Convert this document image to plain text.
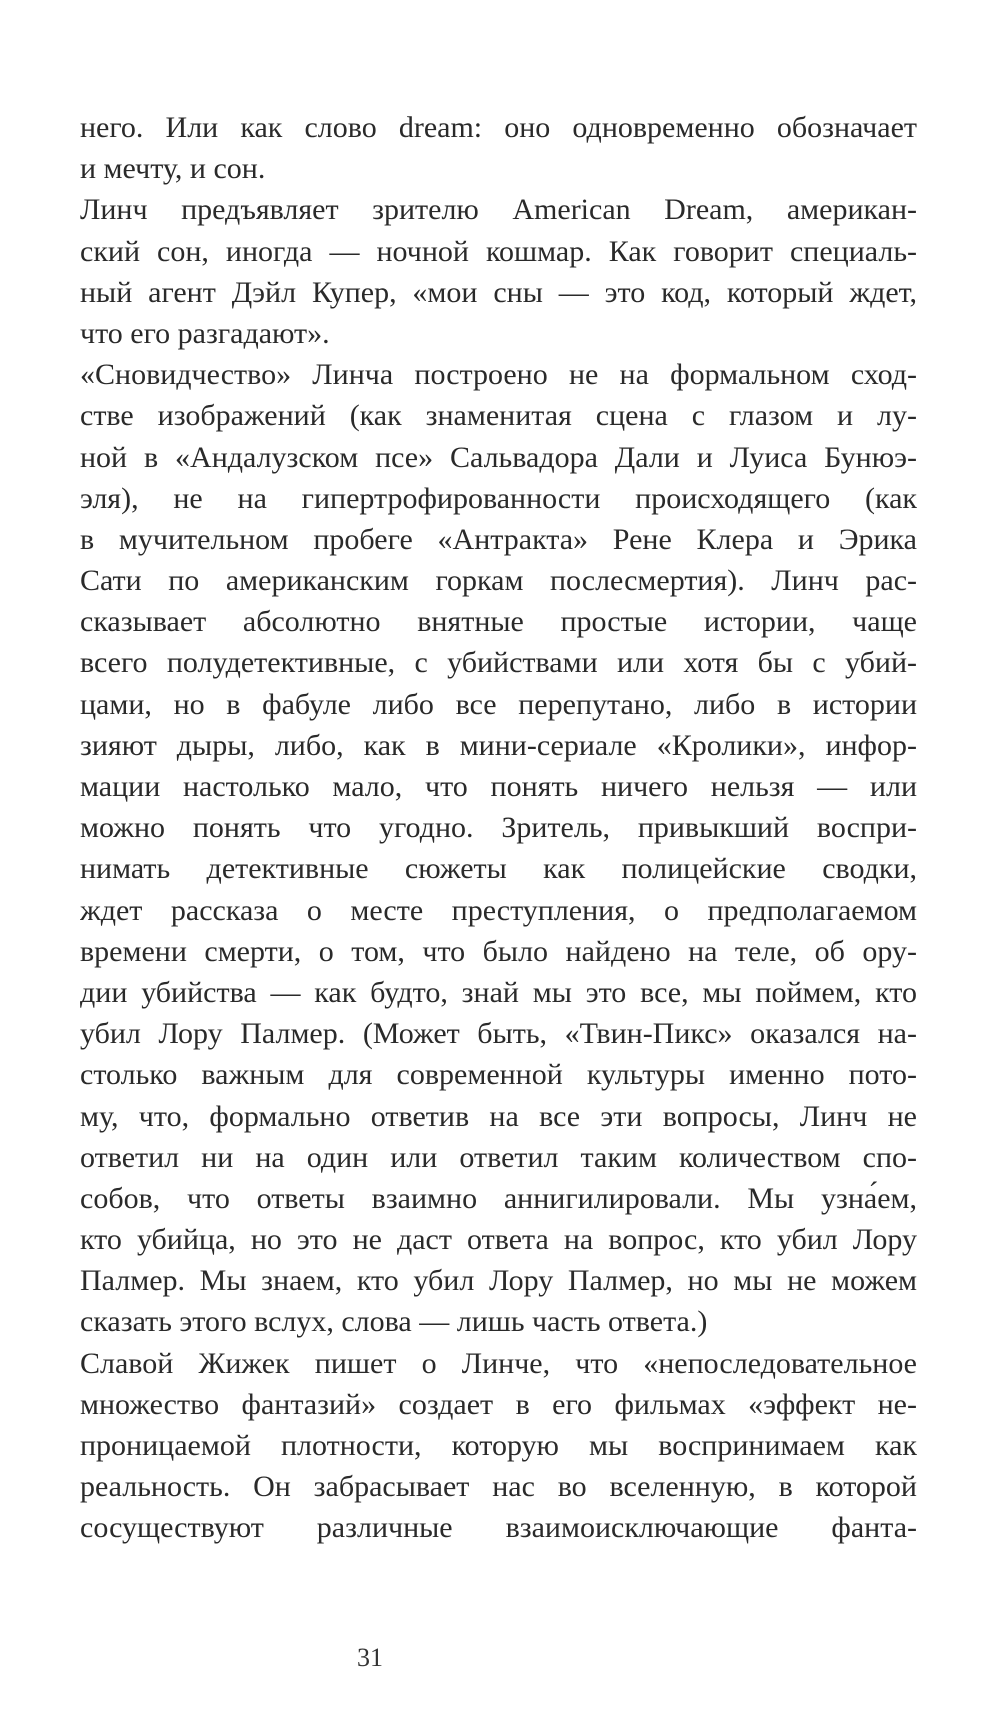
него. Или как слово dream: оно одновременно обозначает
и мечту, и сон.
Линч предъявляет зрителю American Dream, американ-
ский сон, иногда — ночной кошмар. Как говорит специаль-
ный агент Дэйл Купер, «мои сны — это код, который ждет,
что его разгадают».
«Сновидчество» Линча построено не на формальном сход-
стве изображений (как знаменитая сцена с глазом и лу-
ной в «Андалузском псе» Сальвадора Дали и Луиса Бунюэ-
эля), не на гипертрофированности происходящего (как
в мучительном пробеге «Антракта» Рене Клера и Эрика
Сати по американским горкам послесмертия). Линч рас-
сказывает абсолютно внятные простые истории, чаще
всего полудетективные, с убийствами или хотя бы с убий-
цами, но в фабуле либо все перепутано, либо в истории
зияют дыры, либо, как в мини-сериале «Кролики», инфор-
мации настолько мало, что понять ничего нельзя — или
можно понять что угодно. Зритель, привыкший воспри-
нимать детективные сюжеты как полицейские сводки,
ждет рассказа о месте преступления, о предполагаемом
времени смерти, о том, что было найдено на теле, об ору-
дии убийства — как будто, знай мы это все, мы поймем, кто
убил Лору Палмер. (Может быть, «Твин-Пикс» оказался на-
столько важным для современной культуры именно пото-
му, что, формально ответив на все эти вопросы, Линч не
ответил ни на один или ответил таким количеством спо-
собов, что ответы взаимно аннигилировали. Мы узна́ем,
кто убийца, но это не даст ответа на вопрос, кто убил Лору
Палмер. Мы знаем, кто убил Лору Палмер, но мы не можем
сказать этого вслух, слова — лишь часть ответа.)
Славой Жижек пишет о Линче, что «непоследовательное
множество фантазий» создает в его фильмах «эффект не-
проницаемой плотности, которую мы воспринимаем как
реальность. Он забрасывает нас во вселенную, в которой
сосуществуют различные взаимоисключающие фанта-
31
